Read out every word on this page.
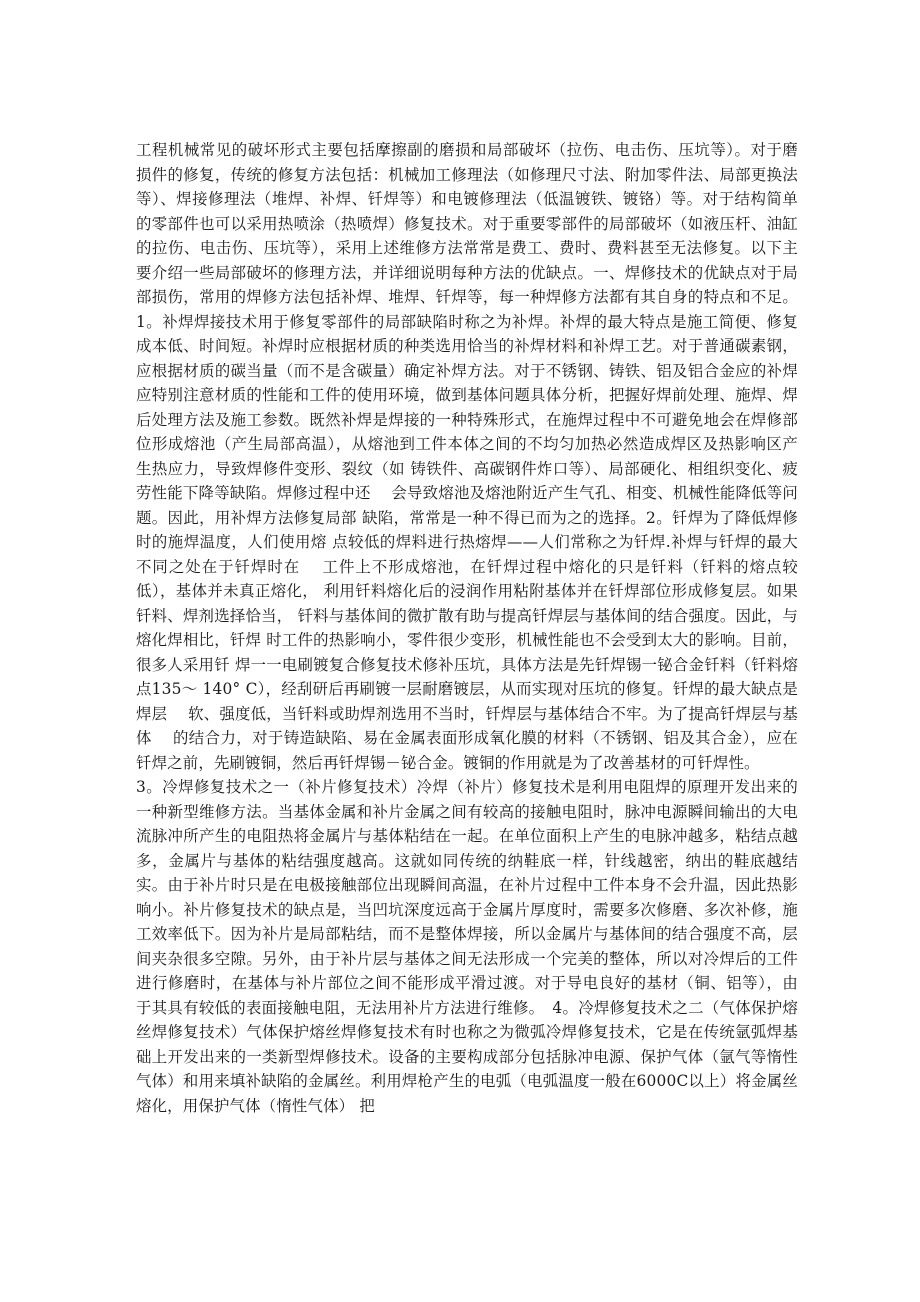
工程机械常见的破坏形式主要包括摩擦副的磨损和局部破坏（拉伤、电击伤、压坑等）。对于磨损件的修复，传统的修复方法包括：机械加工修理法（如修理尺寸法、附加零件法、局部更换法等）、焊接修理法（堆焊、补焊、钎焊等）和电镀修理法（低温镀铁、镀铬）等。对于结构简单的零部件也可以采用热喷涂（热喷焊）修复技术。对于重要零部件的局部破坏（如液压杆、油缸的拉伤、电击伤、压坑等），采用上述维修方法常常是费工、费时、费料甚至无法修复。以下主要介绍一些局部破坏的修理方法，并详细说明每种方法的优缺点。一、焊修技术的优缺点对于局部损伤，常用的焊修方法包括补焊、堆焊、钎焊等，每一种焊修方法都有其自身的特点和不足。1。补焊焊接技术用于修复零部件的局部缺陷时称之为补焊。补焊的最大特点是施工简便、修复成本低、时间短。补焊时应根据材质的种类选用恰当的补焊材料和补焊工艺。对于普通碳素钢，应根据材质的碳当量（而不是含碳量）确定补焊方法。对于不锈钢、铸铁、铝及铝合金应的补焊应特别注意材质的性能和工件的使用环境，做到基体问题具体分析，把握好焊前处理、施焊、焊后处理方法及施工参数。既然补焊是焊接的一种特殊形式，在施焊过程中不可避免地会在焊修部位形成熔池（产生局部高温），从熔池到工件本体之间的不均匀加热必然造成焊区及热影响区产生热应力，导致焊修件变形、裂纹（如 铸铁件、高碳钢件炸口等）、局部硬化、相组织变化、疲劳性能下降等缺陷。焊修过程中还　 会导致熔池及熔池附近产生气孔、相变、机械性能降低等问题。因此，用补焊方法修复局部 缺陷，常常是一种不得已而为之的选择。2。钎焊为了降低焊修时的施焊温度，人们使用熔 点较低的焊料进行热熔焊——人们常称之为钎焊.补焊与钎焊的最大不同之处在于钎焊时在　 工件上不形成熔池，在钎焊过程中熔化的只是钎料（钎料的熔点较低），基体并未真正熔化， 利用钎料熔化后的浸润作用粘附基体并在钎焊部位形成修复层。如果钎料、焊剂选择恰当， 钎料与基体间的微扩散有助与提高钎焊层与基体间的结合强度。因此，与熔化焊相比，钎焊 时工件的热影响小，零件很少变形，机械性能也不会受到太大的影响。目前，很多人采用钎 焊一一电刷镀复合修复技术修补压坑，具体方法是先钎焊锡一铋合金钎料（钎料熔点135～ 140° C），经刮研后再刷镀一层耐磨镀层，从而实现对压坑的修复。钎焊的最大缺点是焊层　 软、强度低，当钎料或助焊剂选用不当时，钎焊层与基体结合不牢。为了提高钎焊层与基体　 的结合力，对于铸造缺陷、易在金属表面形成氧化膜的材料（不锈钢、铝及其合金），应在　 钎焊之前，先刷镀铜，然后再钎焊锡－铋合金。镀铜的作用就是为了改善基材的可钎焊性。

3。冷焊修复技术之一（补片修复技术）冷焊（补片）修复技术是利用电阻焊的原理开发出来的一种新型维修方法。当基体金属和补片金属之间有较高的接触电阻时，脉冲电源瞬间输出的大电流脉冲所产生的电阻热将金属片与基体粘结在一起。在单位面积上产生的电脉冲越多，粘结点越多，金属片与基体的粘结强度越高。这就如同传统的纳鞋底一样，针线越密，纳出的鞋底越结实。由于补片时只是在电极接触部位出现瞬间高温，在补片过程中工件本身不会升温，因此热影响小。补片修复技术的缺点是，当凹坑深度远高于金属片厚度时，需要多次修磨、多次补修，施工效率低下。因为补片是局部粘结，而不是整体焊接，所以金属片与基体间的结合强度不高，层间夹杂很多空隙。另外，由于补片层与基体之间无法形成一个完美的整体，所以对冷焊后的工件进行修磨时，在基体与补片部位之间不能形成平滑过渡。对于导电良好的基材（铜、铝等），由于其具有较低的表面接触电阻，无法用补片方法进行维修。　4。冷焊修复技术之二（气体保护熔丝焊修复技术）气体保护熔丝焊修复技术有时也称之为微弧冷焊修复技术，它是在传统氩弧焊基础上开发出来的一类新型焊修技术。设备的主要构成部分包括脉冲电源、保护气体（氩气等惰性气体）和用来填补缺陷的金属丝。利用焊枪产生的电弧（电弧温度一般在6000C以上）将金属丝熔化，用保护气体（惰性气体） 把
